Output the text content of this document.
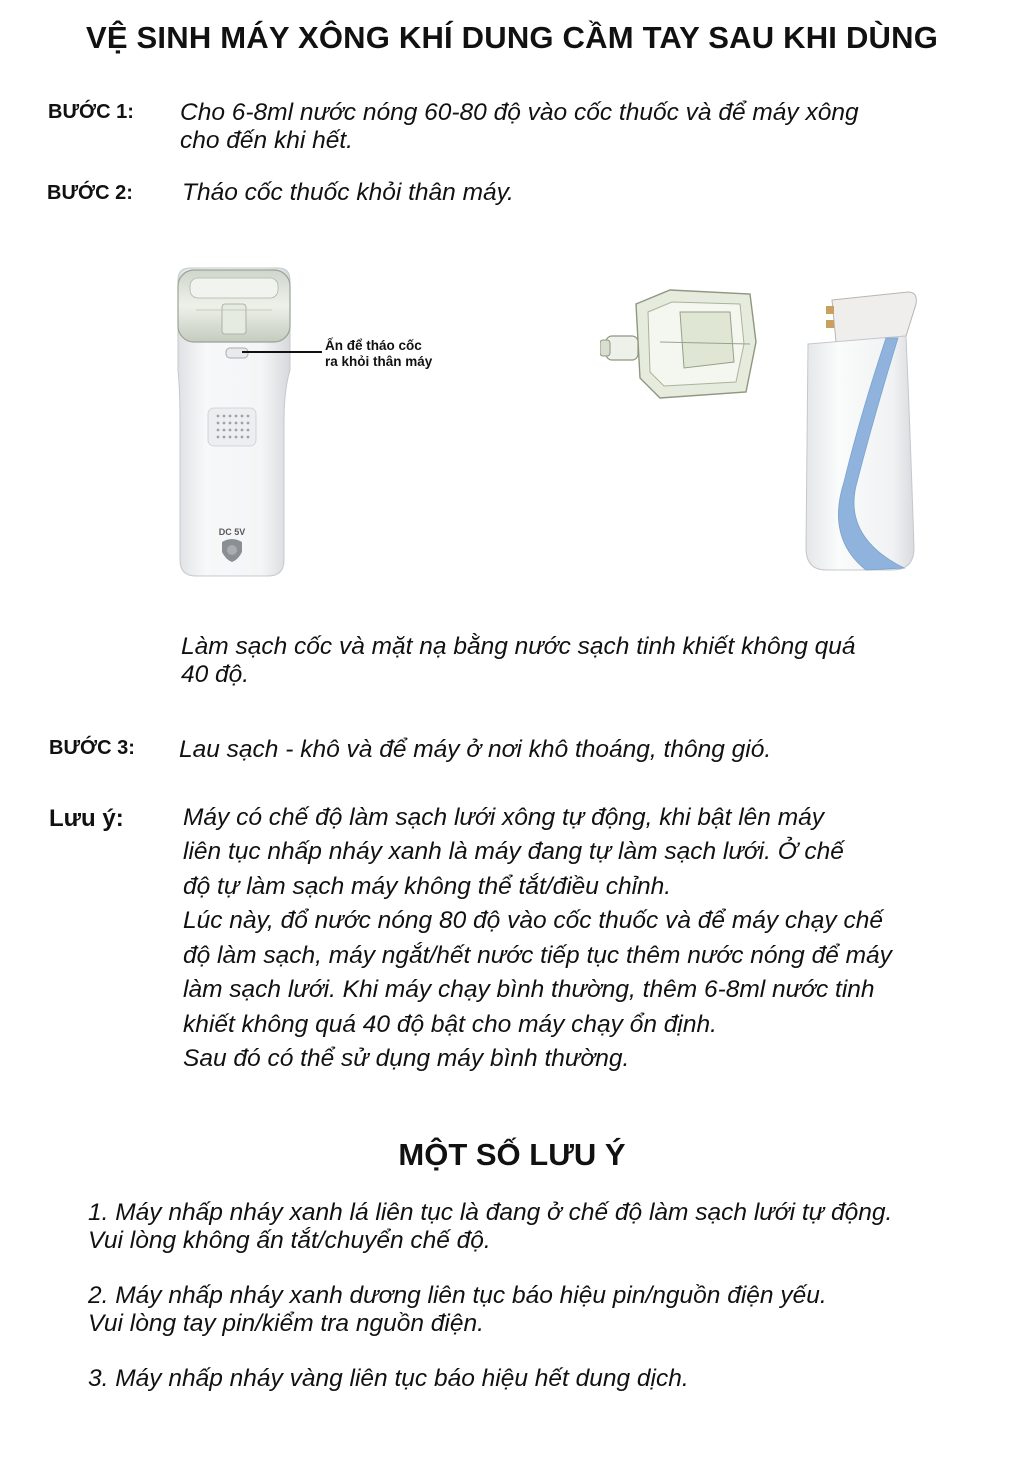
VỆ SINH MÁY XÔNG KHÍ DUNG CẦM TAY SAU KHI DÙNG
BƯỚC 1: Cho 6-8ml nước nóng 60-80 độ vào cốc thuốc và để máy xông
cho đến khi hết.
BƯỚC 2: Tháo cốc thuốc khỏi thân máy.
DC 5V
Ấn để tháo cốc
ra khỏi thân máy
Làm sạch cốc và mặt nạ bằng nước sạch tinh khiết không quá
40 độ.
BƯỚC 3: Lau sạch - khô và để máy ở nơi khô thoáng, thông gió.
Lưu ý: Máy có chế độ làm sạch lưới xông tự động, khi bật lên máy
liên tục nhấp nháy xanh là máy đang tự làm sạch lưới. Ở chế
độ tự làm sạch máy không thể tắt/điều chỉnh.
Lúc này, đổ nước nóng 80 độ vào cốc thuốc và để máy chạy chế
độ làm sạch, máy ngắt/hết nước tiếp tục thêm nước nóng để máy
làm sạch lưới. Khi máy chạy bình thường, thêm 6-8ml nước tinh
khiết không quá 40 độ bật cho máy chạy ổn định.
Sau đó có thể sử dụng máy bình thường.
MỘT SỐ LƯU Ý
1. Máy nhấp nháy xanh lá liên tục là đang ở chế độ làm sạch lưới tự động.
Vui lòng không ấn tắt/chuyển chế độ.
2. Máy nhấp nháy xanh dương liên tục báo hiệu pin/nguồn điện yếu.
Vui lòng tay pin/kiểm tra nguồn điện.
3. Máy nhấp nháy vàng liên tục báo hiệu hết dung dịch.
